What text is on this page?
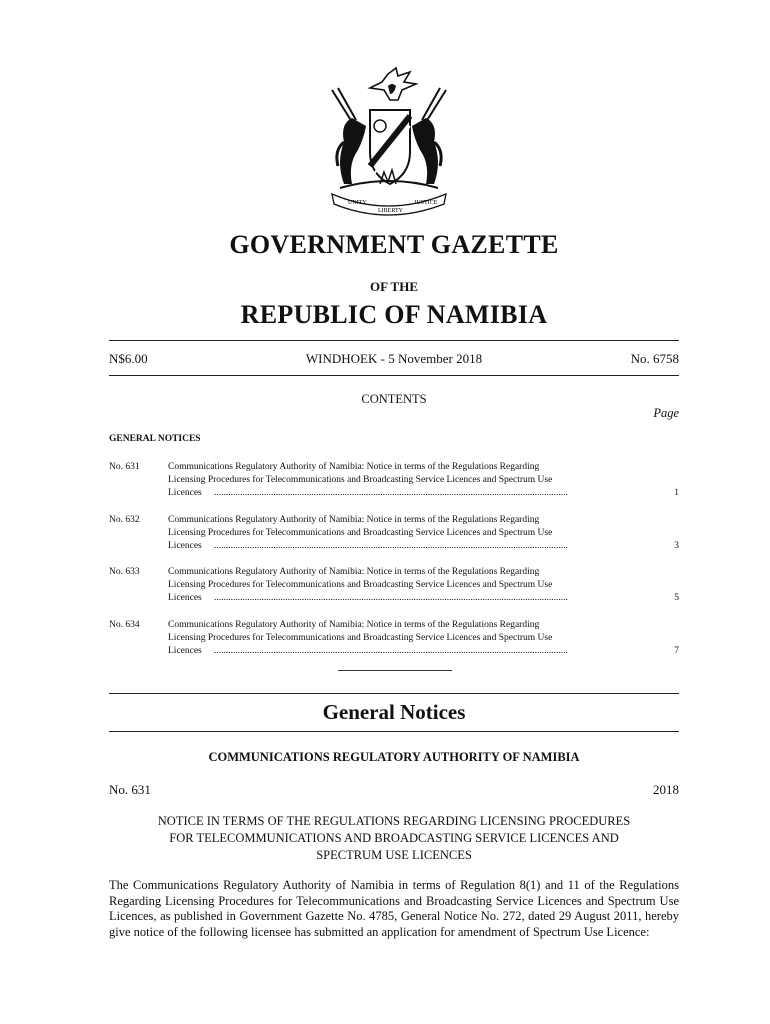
UNITY
LIBERTY
JUSTICE
GOVERNMENT GAZETTE
OF THE
REPUBLIC OF NAMIBIA
N$6.00	WINDHOEK - 5 November 2018	No. 6758
CONTENTS
Page
GENERAL NOTICES
No. 631	Communications Regulatory Authority of Namibia: Notice in terms of the Regulations Regarding
Licensing Procedures for Telecommunications and Broadcasting Service Licences and Spectrum Use
Licences	.....................................................................................................................................................	1
No. 632	Communications Regulatory Authority of Namibia: Notice in terms of the Regulations Regarding
Licensing Procedures for Telecommunications and Broadcasting Service Licences and Spectrum Use
Licences	.....................................................................................................................................................	3
No. 633	Communications Regulatory Authority of Namibia: Notice in terms of the Regulations Regarding
Licensing Procedures for Telecommunications and Broadcasting Service Licences and Spectrum Use
Licences	.....................................................................................................................................................	5
No. 634	Communications Regulatory Authority of Namibia: Notice in terms of the Regulations Regarding
Licensing Procedures for Telecommunications and Broadcasting Service Licences and Spectrum Use
Licences	.....................................................................................................................................................	7
General Notices
COMMUNICATIONS REGULATORY AUTHORITY OF NAMIBIA
No. 631	2018
NOTICE IN TERMS OF THE REGULATIONS REGARDING LICENSING PROCEDURES
FOR TELECOMMUNICATIONS AND BROADCASTING SERVICE LICENCES AND
SPECTRUM USE LICENCES
The Communications Regulatory Authority of Namibia in terms of Regulation 8(1) and 11 of the Regulations Regarding Licensing Procedures for Telecommunications and Broadcasting Service Licences and Spectrum Use Licences, as published in Government Gazette No. 4785, General Notice No. 272, dated 29 August 2011, hereby give notice of the following licensee has submitted an application for amendment of Spectrum Use Licence:
